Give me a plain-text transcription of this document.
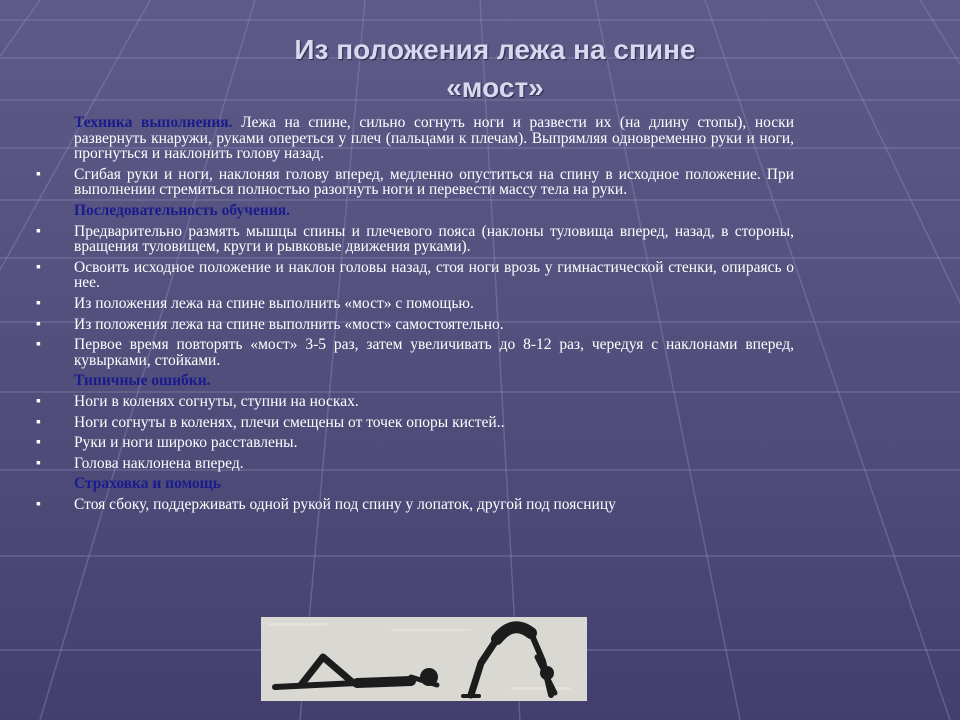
Из положения лежа на спине
«мост»
Техника выполнения. Лежа на спине, сильно согнуть ноги и развести их (на длину стопы), носки развернуть кнаружи, руками опереться у плеч (пальцами к плечам). Выпрямляя одновременно руки и ноги, прогнуться и наклонить голову назад.
▪ Сгибая руки и ноги, наклоняя голову вперед, медленно опуститься на спину в исходное положение. При выполнении стремиться полностью разогнуть ноги и перевести массу тела на руки.
Последовательность обучения.
▪ Предварительно размять мышцы спины и плечевого пояса (наклоны туловища вперед, назад, в стороны, вращения туловищем, круги и рывковые движения руками).
▪ Освоить исходное положение и наклон головы назад, стоя ноги врозь у гимнастической стенки, опираясь о нее.
▪ Из положения лежа на спине выполнить «мост» с помощью.
▪ Из положения лежа на спине выполнить «мост» самостоятельно.
▪ Первое время повторять «мост» 3-5 раз, затем увеличивать до 8-12 раз, чередуя с наклонами вперед, кувырками, стойками.
Типичные ошибки.
▪ Ноги в коленях согнуты, ступни на носках.
▪ Ноги согнуты в коленях, плечи смещены от точек опоры кистей..
▪ Руки и ноги широко расставлены.
▪ Голова наклонена вперед.
Страховка и помощь
▪ Стоя сбоку, поддерживать одной рукой под спину у лопаток, другой под поясницу
